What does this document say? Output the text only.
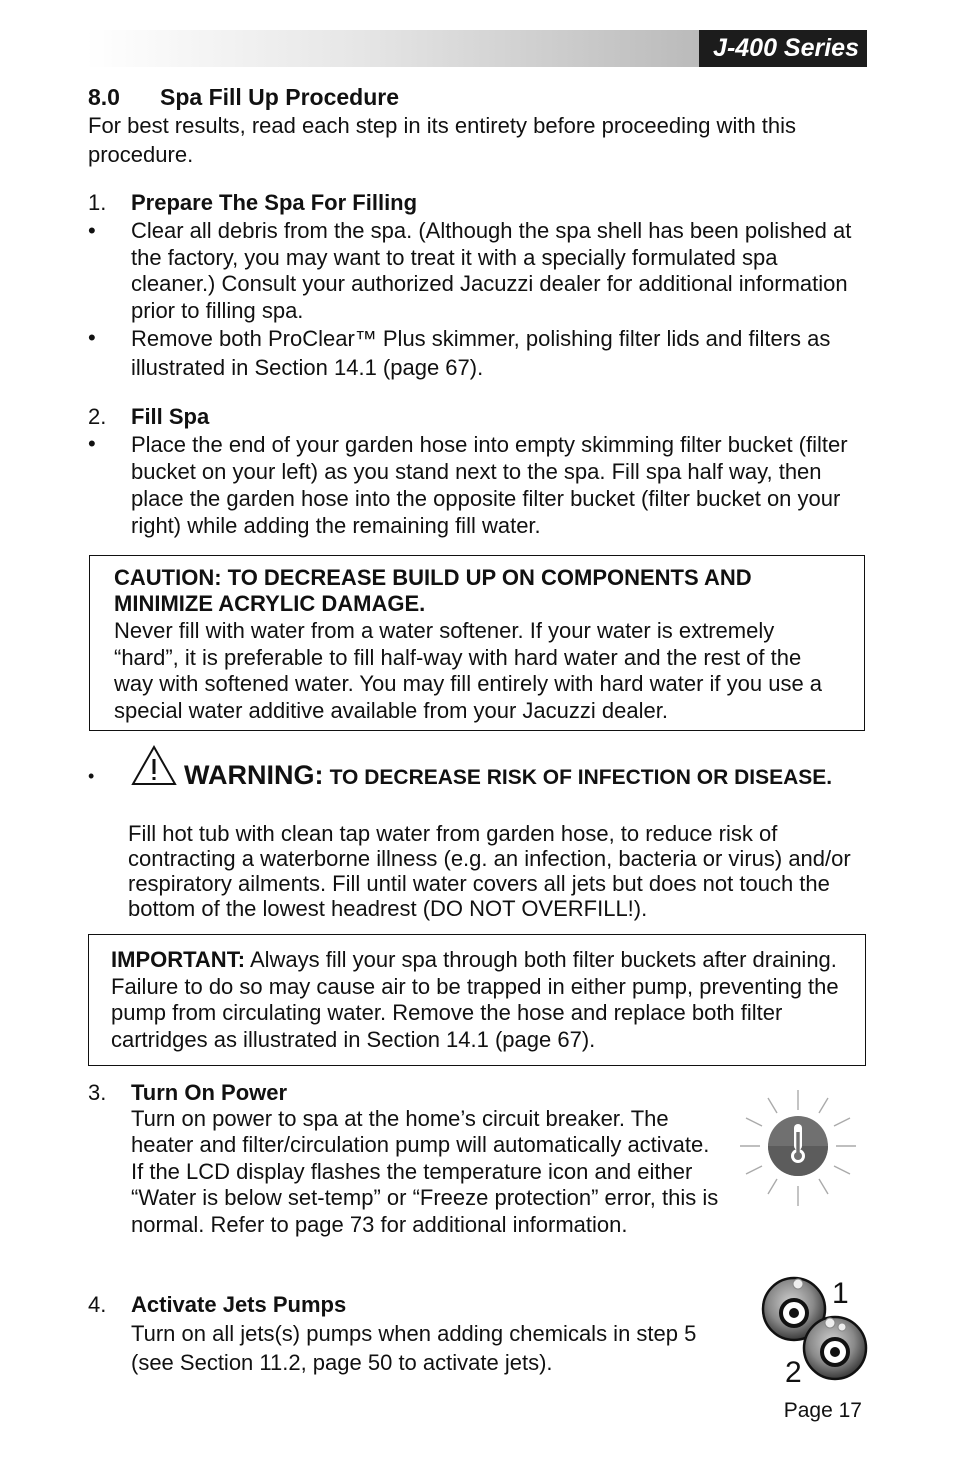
J-400 Series
8.0 Spa Fill Up Procedure
For best results, read each step in its entirety before proceeding with this procedure.
1. Prepare The Spa For Filling
• Clear all debris from the spa. (Although the spa shell has been polished at the factory, you may want to treat it with a specially formulated spa cleaner.) Consult your authorized Jacuzzi dealer for additional information prior to filling spa.
• Remove both ProClear™ Plus skimmer, polishing filter lids and filters as illustrated in Section 14.1 (page 67).
2. Fill Spa
• Place the end of your garden hose into empty skimming filter bucket (filter bucket on your left) as you stand next to the spa. Fill spa half way, then place the garden hose into the opposite filter bucket (filter bucket on your right) while adding the remaining fill water.
CAUTION: TO DECREASE BUILD UP ON COMPONENTS AND MINIMIZE ACRYLIC DAMAGE.
Never fill with water from a water softener. If your water is extremely “hard”, it is preferable to fill half-way with hard water and the rest of the way with softened water. You may fill entirely with hard water if you use a special water additive available from your Jacuzzi dealer.
•	WARNING: TO DECREASE RISK OF INFECTION OR DISEASE.
Fill hot tub with clean tap water from garden hose, to reduce risk of contracting a waterborne illness (e.g. an infection, bacteria or virus) and/or respiratory ailments. Fill until water covers all jets but does not touch the bottom of the lowest headrest (DO NOT OVERFILL!).
IMPORTANT: Always fill your spa through both filter buckets after draining. Failure to do so may cause air to be trapped in either pump, preventing the pump from circulating water. Remove the hose and replace both filter cartridges as illustrated in Section 14.1 (page 67).
3. Turn On Power
Turn on power to spa at the home’s circuit breaker. The heater and filter/circulation pump will automatically activate. If the LCD display flashes the temperature icon and either “Water is below set-temp” or “Freeze protection” error, this is normal. Refer to page 73 for additional information.
4. Activate Jets Pumps
Turn on all jets(s) pumps when adding chemicals in step 5 (see Section 11.2, page 50 to activate jets).
1
2
Page 17
